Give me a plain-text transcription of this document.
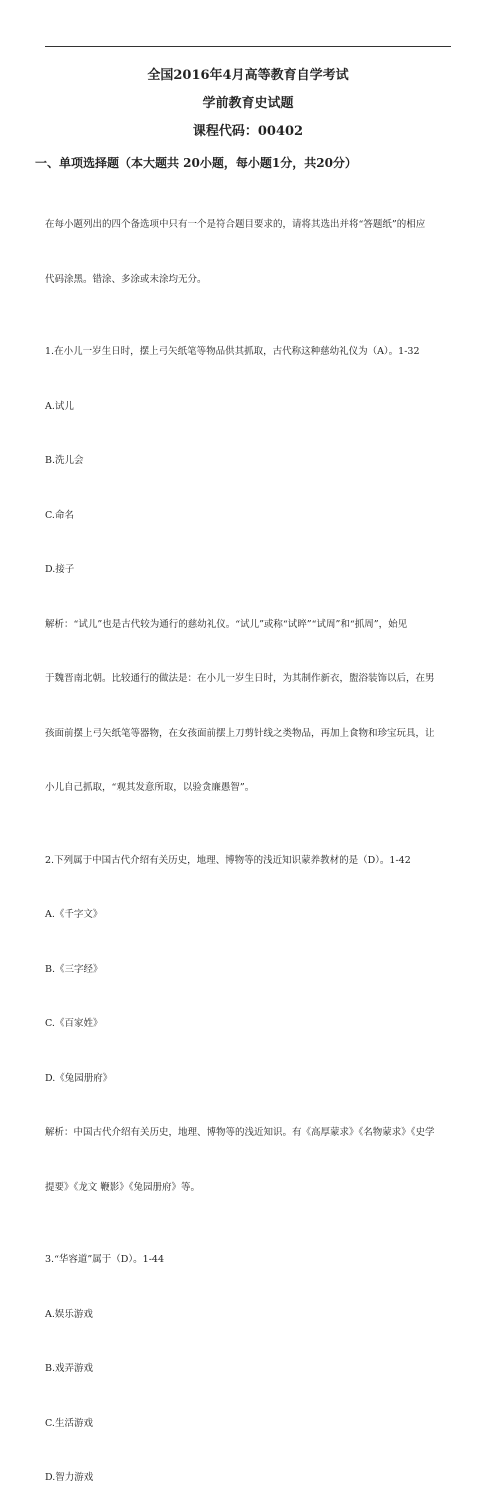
全国2016年4月高等教育自学考试
学前教育史试题
课程代码：00402
一、单项选择题（本大题共 20小题，每小题1分，共20分）

在每小题列出的四个备选项中只有一个是符合题目要求的，请将其选出并将“答题纸”的相应

代码涂黑。错涂、多涂或未涂均无分。

1.在小儿一岁生日时，摆上弓矢纸笔等物品供其抓取，古代称这种慈幼礼仪为（A）。1-32

A.试儿

B.洗儿会

C.命名

D.接子

解析：“试儿”也是古代较为通行的慈幼礼仪。“试儿”或称“试晬”“试周”和“抓周”，始见

于魏晋南北朝。比较通行的做法是：在小儿一岁生日时，为其制作新衣，盥浴装饰以后，在男

孩面前摆上弓矢纸笔等器物，在女孩面前摆上刀剪针线之类物品，再加上食物和珍宝玩具，让

小儿自己抓取，“观其发意所取，以验贪廉愚智”。

2.下列属于中国古代介绍有关历史，地理、博物等的浅近知识蒙养教材的是（D）。1-42

A.《千字文》

B.《三字经》

C.《百家姓》

D.《兔园册府》

解析：中国古代介绍有关历史，地理、博物等的浅近知识。有《高厚蒙求》《名物蒙求》《史学

提要》《龙文 鞭影》《兔园册府》等。

3.“华容道”属于（D）。1-44

A.娱乐游戏

B.戏弄游戏

C.生活游戏

D.智力游戏
